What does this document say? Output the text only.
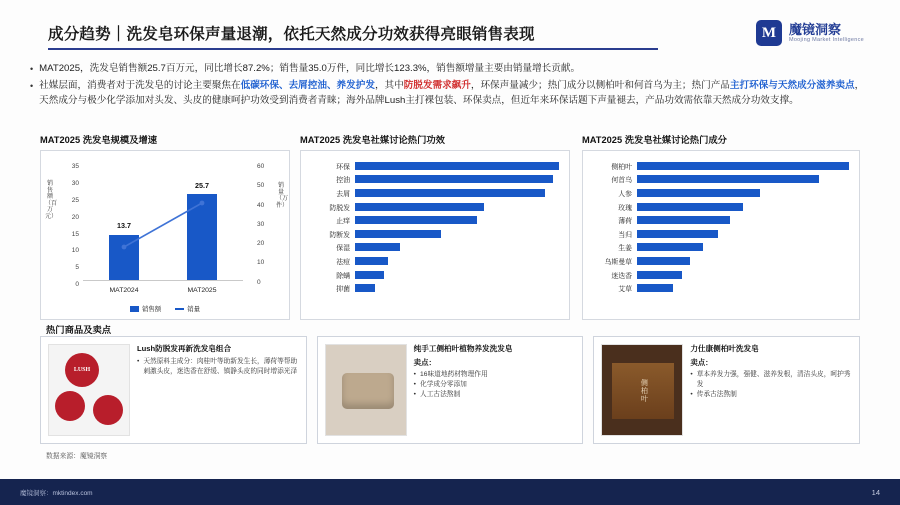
成分趋势｜洗发皂环保声量退潮，依托天然成分功效获得亮眼销售表现	M 魔镜洞察
Moojing Market Intelligence
• MAT2025，洗发皂销售额25.7百万元，同比增长87.2%；销售量35.0万件，同比增长123.3%，销售额增量主要由销量增长贡献。
• 社媒层面，消费者对于洗发皂的讨论主要聚焦在低碳环保、去屑控油、养发护发，其中防脱发需求飙升，环保声量减少；热门成分以侧柏叶和何首乌为主；热门产品主打环保与天然成分滋养卖点，天然成分与极少化学添加对头发、头皮的健康呵护功效受到消费者青睐；海外品牌Lush主打裸包装、环保卖点，但近年来环保话题下声量褪去，产品功效需依靠天然成分功效支撑。
MAT2025 洗发皂规模及增速
销售额（百万元）
销量（万件）
35
30
25
20
15
10
5
0
60
50
40
30
20
10
0
13.7
25.7
MAT2024	MAT2025
销售额	销量
MAT2025 洗发皂社媒讨论热门功效
环保
控油
去屑
防脱发
止痒
防断发
保湿
祛痘
除螨
抑菌
MAT2025 洗发皂社媒讨论热门成分
侧柏叶
何首乌
人参
玫瑰
薄荷
当归
生姜
乌斯曼草
迷迭香
艾草
热门商品及卖点
LUSH
Lush防脱发再新洗发皂组合
• 天然原料主成分：肉桂叶等助新发生长，薄荷等帮助刺激头皮，迷迭香在舒缓、镇静头皮的同时增添光泽
纯手工侧柏叶植物养发洗发皂
卖点：
• 16味道地药材物理作用
• 化学成分零添加
• 人工古法熬制	侧柏叶
力仕康侧柏叶洗发皂
卖点：
• 草本养发力强，强健、滋养发根，清洁头皮，呵护秀发
• 传承古法熬制
数据来源：魔镜洞察
魔镜洞察：mktindex.com	14
